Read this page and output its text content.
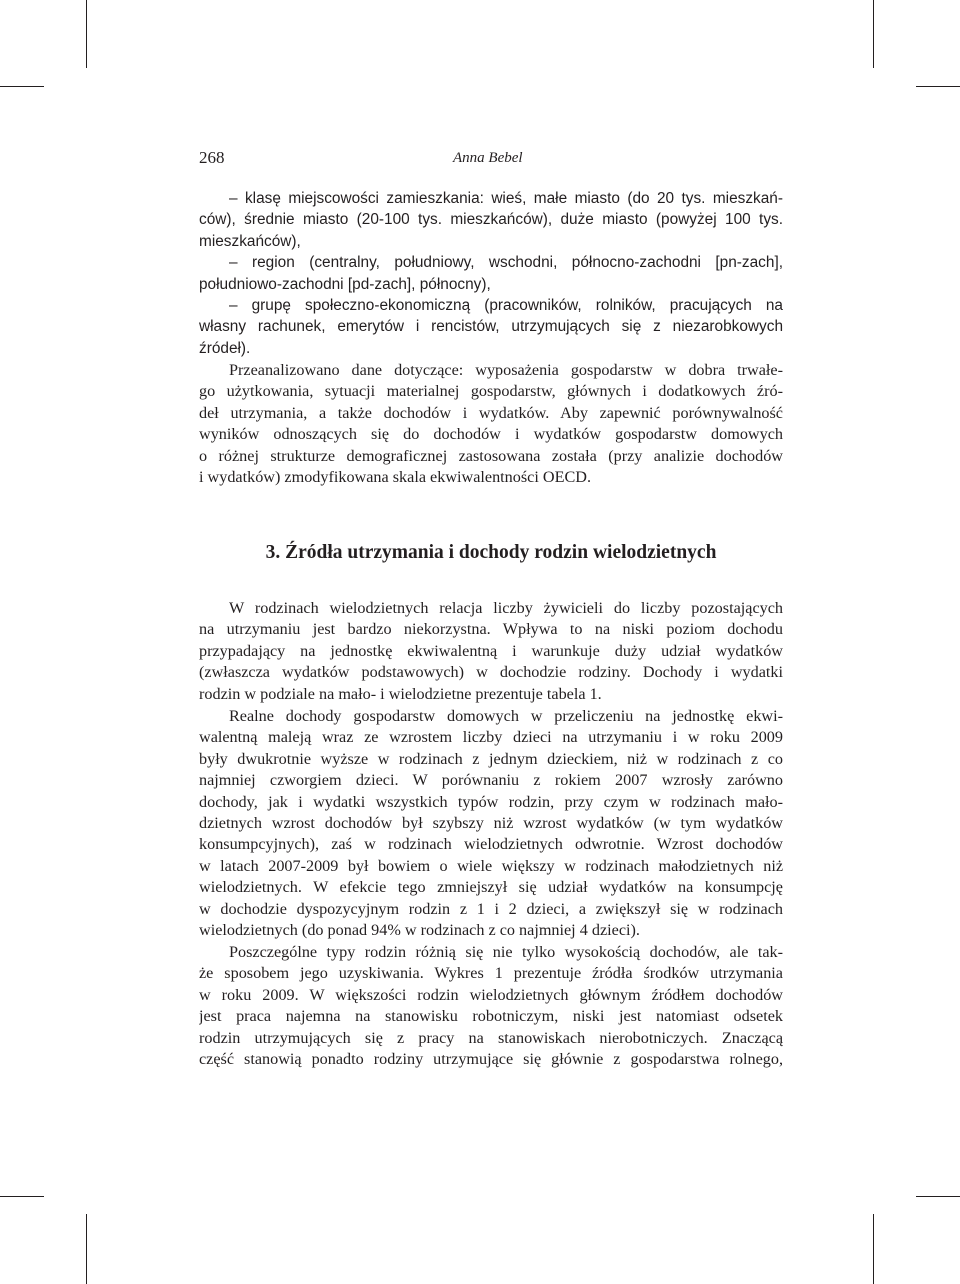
268	Anna Bebel
– klasę miejscowości zamieszkania: wieś, małe miasto (do 20 tys. mieszkań-
ców), średnie miasto (20-100 tys. mieszkańców), duże miasto (powyżej 100 tys.
mieszkańców),
– region (centralny, południowy, wschodni, północno-zachodni [pn-zach],
południowo-zachodni [pd-zach], północny),
– grupę społeczno-ekonomiczną (pracowników, rolników, pracujących na
własny rachunek, emerytów i rencistów, utrzymujących się z niezarobkowych
źródeł).
Przeanalizowano dane dotyczące: wyposażenia gospodarstw w dobra trwałe-
go użytkowania, sytuacji materialnej gospodarstw, głównych i dodatkowych źró-
deł utrzymania, a także dochodów i wydatków. Aby zapewnić porównywalność
wyników odnoszących się do dochodów i wydatków gospodarstw domowych
o różnej strukturze demograficznej zastosowana została (przy analizie dochodów
i wydatków) zmodyfikowana skala ekwiwalentności OECD.
3. Źródła utrzymania i dochody rodzin wielodzietnych
W rodzinach wielodzietnych relacja liczby żywicieli do liczby pozostających
na utrzymaniu jest bardzo niekorzystna. Wpływa to na niski poziom dochodu
przypadający na jednostkę ekwiwalentną i warunkuje duży udział wydatków
(zwłaszcza wydatków podstawowych) w dochodzie rodziny. Dochody i wydatki
rodzin w podziale na mało- i wielodzietne prezentuje tabela 1.
Realne dochody gospodarstw domowych w przeliczeniu na jednostkę ekwi-
walentną maleją wraz ze wzrostem liczby dzieci na utrzymaniu i w roku 2009
były dwukrotnie wyższe w rodzinach z jednym dzieckiem, niż w rodzinach z co
najmniej czworgiem dzieci. W porównaniu z rokiem 2007 wzrosły zarówno
dochody, jak i wydatki wszystkich typów rodzin, przy czym w rodzinach mało-
dzietnych wzrost dochodów był szybszy niż wzrost wydatków (w tym wydatków
konsumpcyjnych), zaś w rodzinach wielodzietnych odwrotnie. Wzrost dochodów
w latach 2007-2009 był bowiem o wiele większy w rodzinach małodzietnych niż
wielodzietnych. W efekcie tego zmniejszył się udział wydatków na konsumpcję
w dochodzie dyspozycyjnym rodzin z 1 i 2 dzieci, a zwiększył się w rodzinach
wielodzietnych (do ponad 94% w rodzinach z co najmniej 4 dzieci).
Poszczególne typy rodzin różnią się nie tylko wysokością dochodów, ale tak-
że sposobem jego uzyskiwania. Wykres 1 prezentuje źródła środków utrzymania
w roku 2009. W większości rodzin wielodzietnych głównym źródłem dochodów
jest praca najemna na stanowisku robotniczym, niski jest natomiast odsetek
rodzin utrzymujących się z pracy na stanowiskach nierobotniczych. Znaczącą
część stanowią ponadto rodziny utrzymujące się głównie z gospodarstwa rolnego,
